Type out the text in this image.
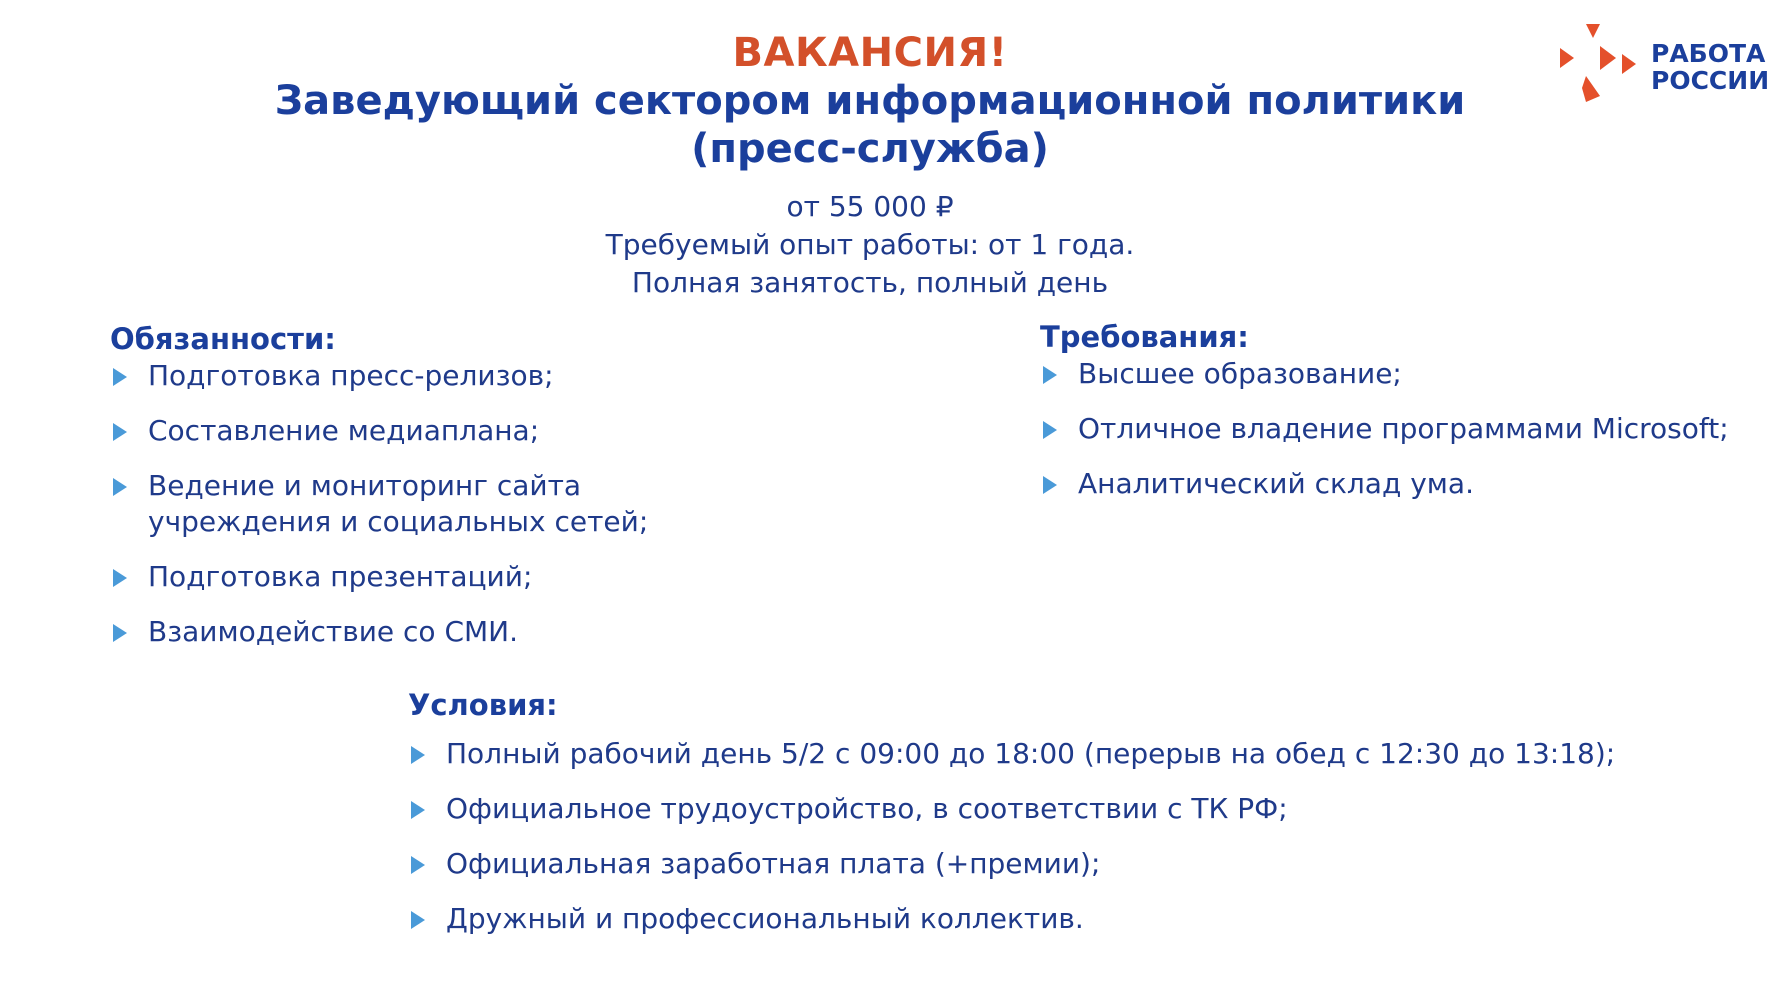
ВАКАНСИЯ!
Заведующий сектором информационной политики
(пресс-служба)
РАБОТА
РОССИИ
от 55 000 ₽
Требуемый опыт работы: от 1 года.
Полная занятость, полный день
Обязанности:
Подготовка пресс-релизов;
Составление медиаплана;
Ведение и мониторинг сайта
учреждения и социальных сетей;
Подготовка презентаций;
Взаимодействие со СМИ.
Требования:
Высшее образование;
Отличное владение программами Microsoft;
Аналитический склад ума.
Условия:
Полный рабочий день 5/2 с 09:00 до 18:00 (перерыв на обед с 12:30 до 13:18);
Официальное трудоустройство, в соответствии с ТК РФ;
Официальная заработная плата (+премии);
Дружный и профессиональный коллектив.
